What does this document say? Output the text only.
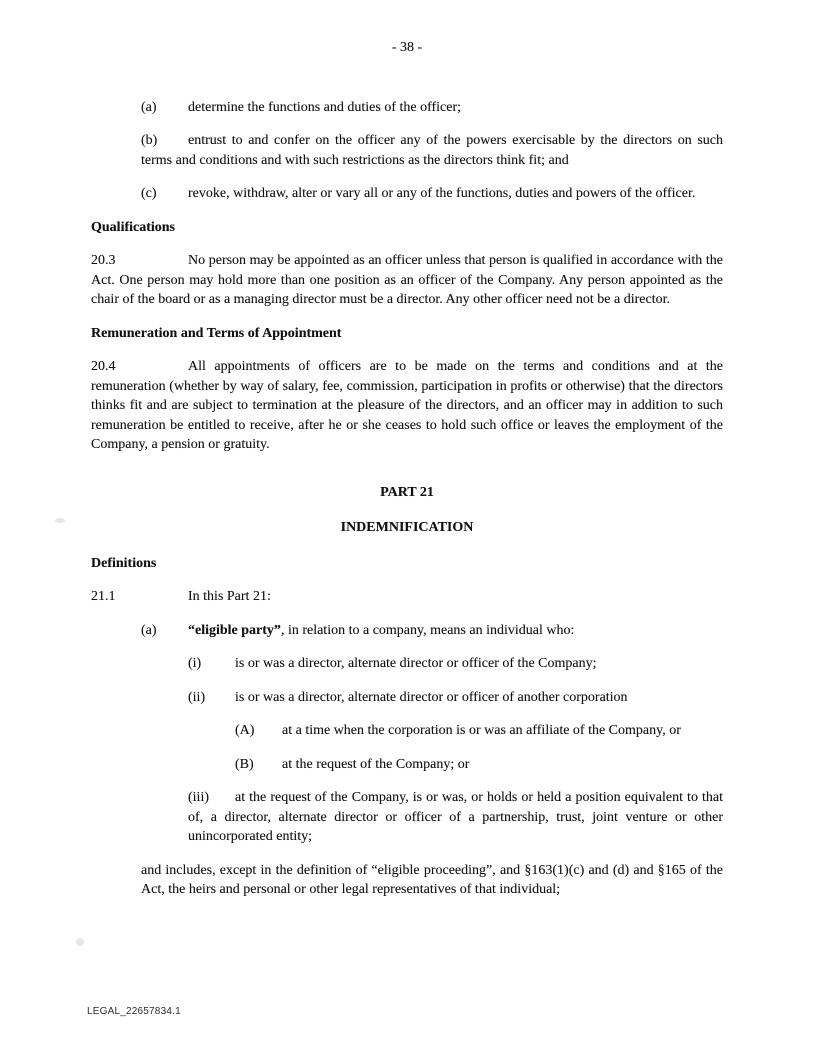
- 38 -
(a) determine the functions and duties of the officer;
(b) entrust to and confer on the officer any of the powers exercisable by the directors on such terms and conditions and with such restrictions as the directors think fit; and
(c) revoke, withdraw, alter or vary all or any of the functions, duties and powers of the officer.
Qualifications
20.3	No person may be appointed as an officer unless that person is qualified in accordance with the Act. One person may hold more than one position as an officer of the Company. Any person appointed as the chair of the board or as a managing director must be a director. Any other officer need not be a director.
Remuneration and Terms of Appointment
20.4	All appointments of officers are to be made on the terms and conditions and at the remuneration (whether by way of salary, fee, commission, participation in profits or otherwise) that the directors thinks fit and are subject to termination at the pleasure of the directors, and an officer may in addition to such remuneration be entitled to receive, after he or she ceases to hold such office or leaves the employment of the Company, a pension or gratuity.
PART 21
INDEMNIFICATION
Definitions
21.1	In this Part 21:
(a) “eligible party”, in relation to a company, means an individual who:
(i) is or was a director, alternate director or officer of the Company;
(ii) is or was a director, alternate director or officer of another corporation
(A) at a time when the corporation is or was an affiliate of the Company, or
(B) at the request of the Company; or
(iii) at the request of the Company, is or was, or holds or held a position equivalent to that of, a director, alternate director or officer of a partnership, trust, joint venture or other unincorporated entity;
and includes, except in the definition of “eligible proceeding”, and §163(1)(c) and (d) and §165 of the Act, the heirs and personal or other legal representatives of that individual;
LEGAL_22657834.1
